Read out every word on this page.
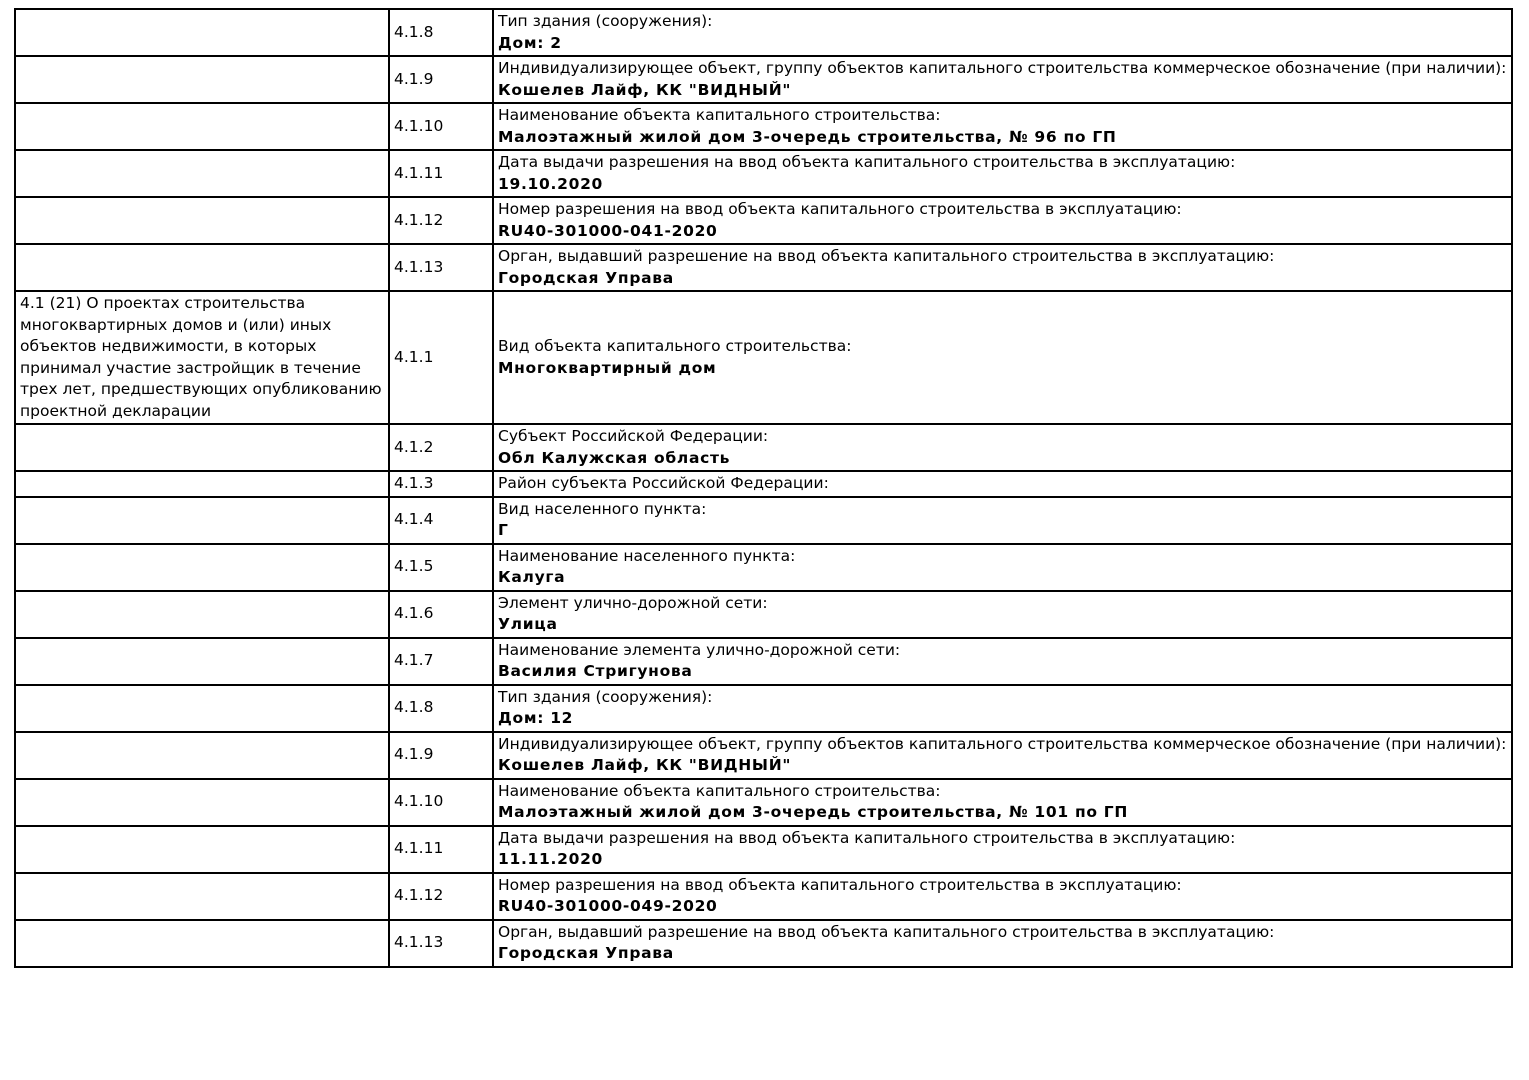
	4.1.8	Тип здания (сооружения):
Дом: 2

	4.1.9	Индивидуализирующее объект, группу объектов капитального строительства коммерческое обозначение (при наличии):
Кошелев Лайф, КК "ВИДНЫЙ"

	4.1.10	Наименование объекта капитального строительства:
Малоэтажный жилой дом 3-очередь строительства, № 96 по ГП

	4.1.11	Дата выдачи разрешения на ввод объекта капитального строительства в эксплуатацию:
19.10.2020

	4.1.12	Номер разрешения на ввод объекта капитального строительства в эксплуатацию:
RU40-301000-041-2020

	4.1.13	Орган, выдавший разрешение на ввод объекта капитального строительства в эксплуатацию:
Городская Управа

4.1 (21) О проектах строительства многоквартирных домов и (или) иных объектов недвижимости, в которых принимал участие застройщик в течение трех лет, предшествующих опубликованию проектной декларации	4.1.1	Вид объекта капитального строительства:
Многоквартирный дом

	4.1.2	Субъект Российской Федерации:
Обл Калужская область

	4.1.3	Район субъекта Российской Федерации:

	4.1.4	Вид населенного пункта:
Г

	4.1.5	Наименование населенного пункта:
Калуга

	4.1.6	Элемент улично-дорожной сети:
Улица

	4.1.7	Наименование элемента улично-дорожной сети:
Василия Стригунова

	4.1.8	Тип здания (сооружения):
Дом: 12

	4.1.9	Индивидуализирующее объект, группу объектов капитального строительства коммерческое обозначение (при наличии):
Кошелев Лайф, КК "ВИДНЫЙ"

	4.1.10	Наименование объекта капитального строительства:
Малоэтажный жилой дом 3-очередь строительства, № 101 по ГП

	4.1.11	Дата выдачи разрешения на ввод объекта капитального строительства в эксплуатацию:
11.11.2020

	4.1.12	Номер разрешения на ввод объекта капитального строительства в эксплуатацию:
RU40-301000-049-2020

	4.1.13	Орган, выдавший разрешение на ввод объекта капитального строительства в эксплуатацию:
Городская Управа
